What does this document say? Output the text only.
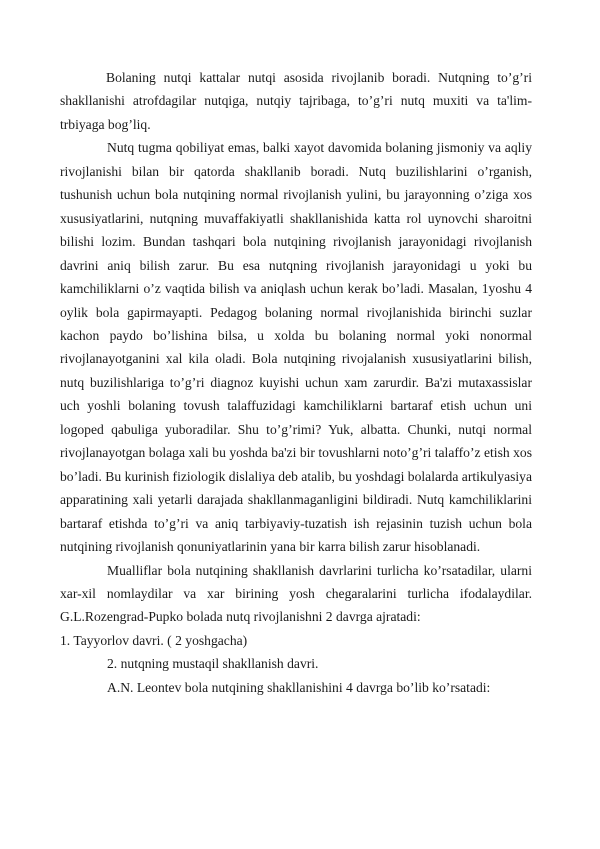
Bolaning nutqi kattalar nutqi asosida rivojlanib boradi. Nutqning to’g’ri shakllanishi atrofdagilar nutqiga, nutqiy tajribaga, to’g’ri nutq muxiti va ta'lim-trbiyaga bog’liq.

Nutq tugma qobiliyat emas, balki xayot davomida bolaning jismoniy va aqliy rivojlanishi bilan bir qatorda shakllanib boradi. Nutq buzilishlarini o’rganish, tushunish uchun bola nutqining normal rivojlanish yulini, bu jarayonning o’ziga xos xususiyatlarini, nutqning muvaffakiyatli shakllanishida katta rol uynovchi sharoitni bilishi lozim. Bundan tashqari bola nutqining rivojlanish jarayonidagi rivojlanish davrini aniq bilish zarur. Bu esa nutqning rivojlanish jarayonidagi u yoki bu kamchiliklarni o’z vaqtida bilish va aniqlash uchun kerak bo’ladi. Masalan, 1yoshu 4 oylik bola gapirmayapti. Pedagog bolaning normal rivojlanishida birinchi suzlar kachon paydo bo’lishina bilsa, u xolda bu bolaning normal yoki nonormal rivojlanayotganini xal kila oladi. Bola nutqining rivojalanish xususiyatlarini bilish, nutq buzilishlariga to’g’ri diagnoz kuyishi uchun xam zarurdir. Ba'zi mutaxassislar uch yoshli bolaning tovush talaffuzidagi kamchiliklarni bartaraf etish uchun uni logoped qabuliga yuboradilar. Shu to’g’rimi? Yuk, albatta. Chunki, nutqi normal rivojlanayotgan bolaga xali bu yoshda ba'zi bir tovushlarni noto’g’ri talaffo’z etish xos bo’ladi. Bu kurinish fiziologik dislaliya deb atalib, bu yoshdagi bolalarda artikulyasiya apparatining xali yetarli darajada shakllanmaganligini bildiradi. Nutq kamchiliklarini bartaraf etishda to’g’ri va aniq tarbiyaviy-tuzatish ish rejasinin tuzish uchun bola nutqining rivojlanish qonuniyatlarinin yana bir karra bilish zarur hisoblanadi.

Mualliflar bola nutqining shakllanish davrlarini turlicha ko’rsatadilar, ularni xar-xil nomlaydilar va xar birining yosh chegaralarini turlicha ifodalaydilar. G.L.Rozengrad-Pupko bolada nutq rivojlanishni 2 davrga ajratadi:

1. Tayyorlov davri. ( 2 yoshgacha)

2. nutqning mustaqil shakllanish davri.

A.N. Leontev bola nutqining shakllanishini 4 davrga bo’lib ko’rsatadi:
